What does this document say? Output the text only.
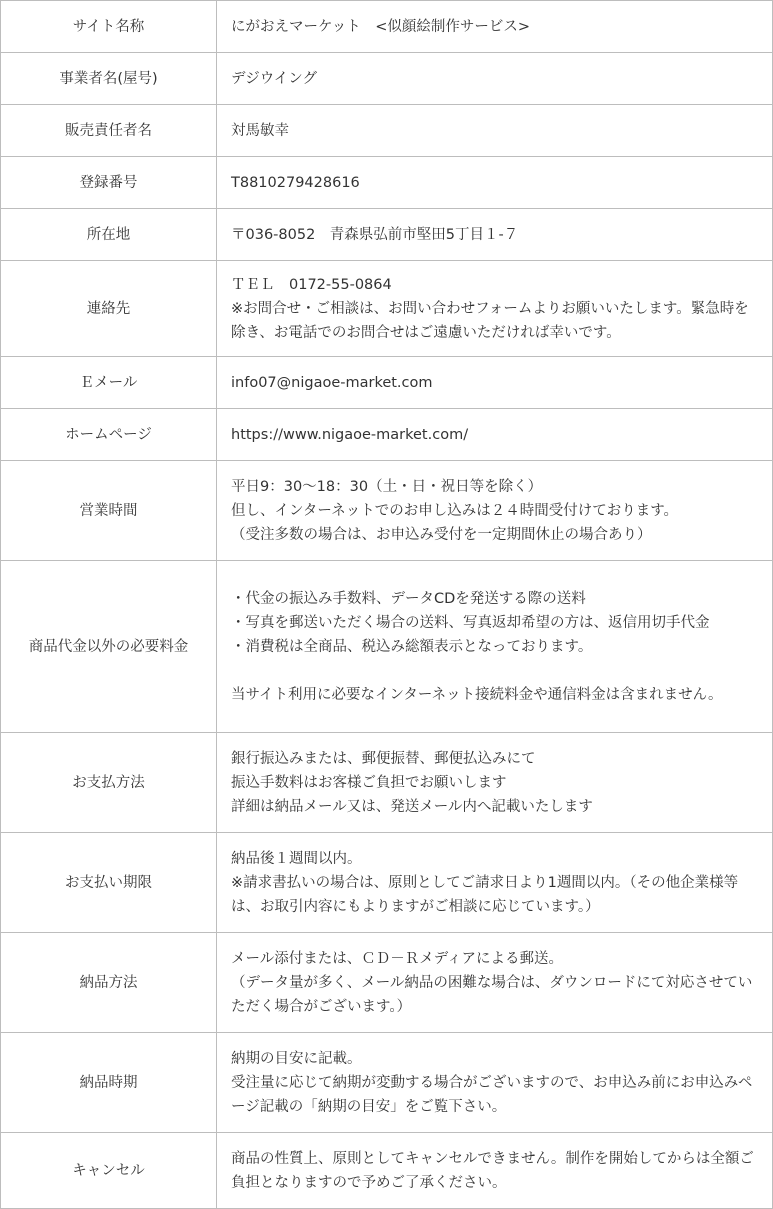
サイト名称	にがおえマーケット　<似顔絵制作サービス>

事業者名(屋号)	デジウイング

販売責任者名	対馬敏幸

登録番号	T8810279428616

所在地	〒036-8052　青森県弘前市堅田5丁目１-７

連絡先	ＴＥＬ　0172-55-0864
※お問合せ・ご相談は、お問い合わせフォームよりお願いいたします。緊急時を除き、お電話でのお問合せはご遠慮いただければ幸いです。

Ｅメール	info07@nigaoe-market.com

ホームページ	https://www.nigaoe-market.com/

営業時間	平日9：30〜18：30（土・日・祝日等を除く）
但し、インターネットでのお申し込みは２４時間受付けております。
（受注多数の場合は、お申込み受付を一定期間休止の場合あり）

商品代金以外の必要料金	・代金の振込み手数料、データCDを発送する際の送料
・写真を郵送いただく場合の送料、写真返却希望の方は、返信用切手代金
・消費税は全商品、税込み総額表示となっております。
当サイト利用に必要なインターネット接続料金や通信料金は含まれません。

お支払方法	銀行振込みまたは、郵便振替、郵便払込みにて
振込手数料はお客様ご負担でお願いします
詳細は納品メール又は、発送メール内へ記載いたします

お支払い期限	納品後１週間以内。
※請求書払いの場合は、原則としてご請求日より1週間以内。（その他企業様等は、お取引内容にもよりますがご相談に応じています。）

納品方法	メール添付または、ＣＤ－Ｒメディアによる郵送。
（データ量が多く、メール納品の困難な場合は、ダウンロードにて対応させていただく場合がございます。）

納品時期	納期の目安に記載。
受注量に応じて納期が変動する場合がございますので、お申込み前にお申込みページ記載の「納期の目安」をご覧下さい。

キャンセル	商品の性質上、原則としてキャンセルできません。制作を開始してからは全額ご負担となりますので予めご了承ください。
